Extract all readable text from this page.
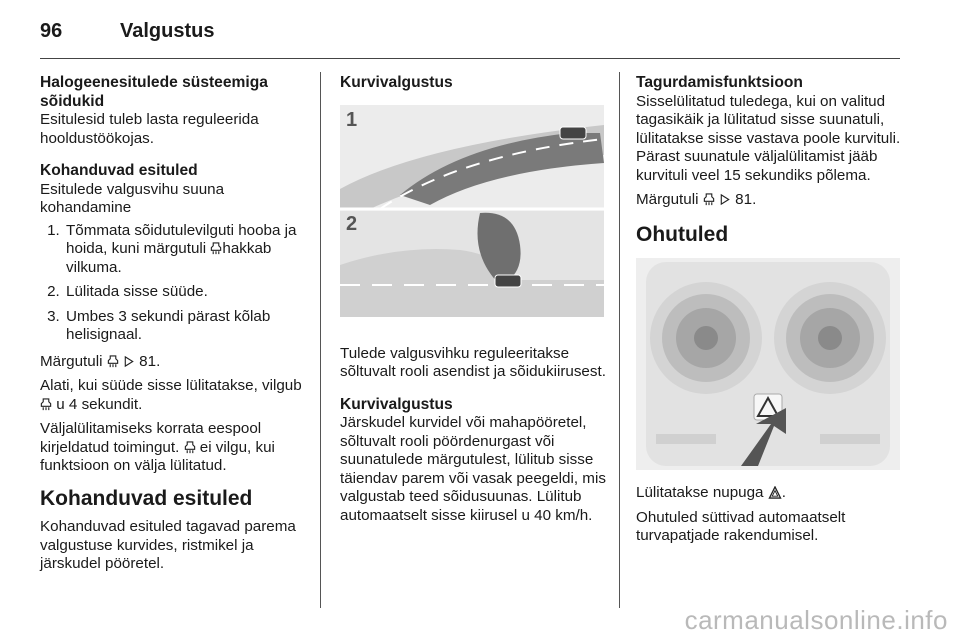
96	Valgustus
Halogeenesitulede süsteemiga sõidukid

Esitulesid tuleb lasta reguleerida hooldustöökojas.

Kohanduvad esituled

Esitulede valgusvihu suuna kohandamine

1. Tõmmata sõidutulevilguti hooba ja hoida, kuni märgutuli hakkab vilkuma.
2. Lülitada sisse süüde.
3. Umbes 3 sekundi pärast kõlab helisignaal.

Märgutuli 81.

Alati, kui süüde sisse lülitatakse, vilgub  u 4 sekundit.

Väljalülitamiseks korrata eespool kirjeldatud toimingut. ei vilgu, kui funktsioon on välja lülitatud.

Kohanduvad esituled

Kohanduvad esituled tagavad parema valgustuse kurvides, ristmikel ja järskudel pööretel.

Kurvivalgustus
1
2

Tulede valgusvihku reguleeritakse sõltuvalt rooli asendist ja sõidukiirusest.

Kurvivalgustus

Järskudel kurvidel või mahapööretel, sõltuvalt rooli pöördenurgast või suunatulede märgutulest, lülitub sisse täiendav parem või vasak peegeldi, mis valgustab teed sõidusuunas. Lülitub automaatselt sisse kiirusel u 40 km/h.

Tagurdamisfunktsioon

Sisselülitatud tuledega, kui on valitud tagasikäik ja lülitatud sisse suunatuli, lülitatakse sisse vastava poole kurvituli. Pärast suunatule väljalülitamist jääb kurvituli veel 15 sekundiks põlema.

Märgutuli 81.

Ohutuled

Lülitatakse nupuga .

Ohutuled süttivad automaatselt turvapatjade rakendumisel.

carmanualsonline.info
